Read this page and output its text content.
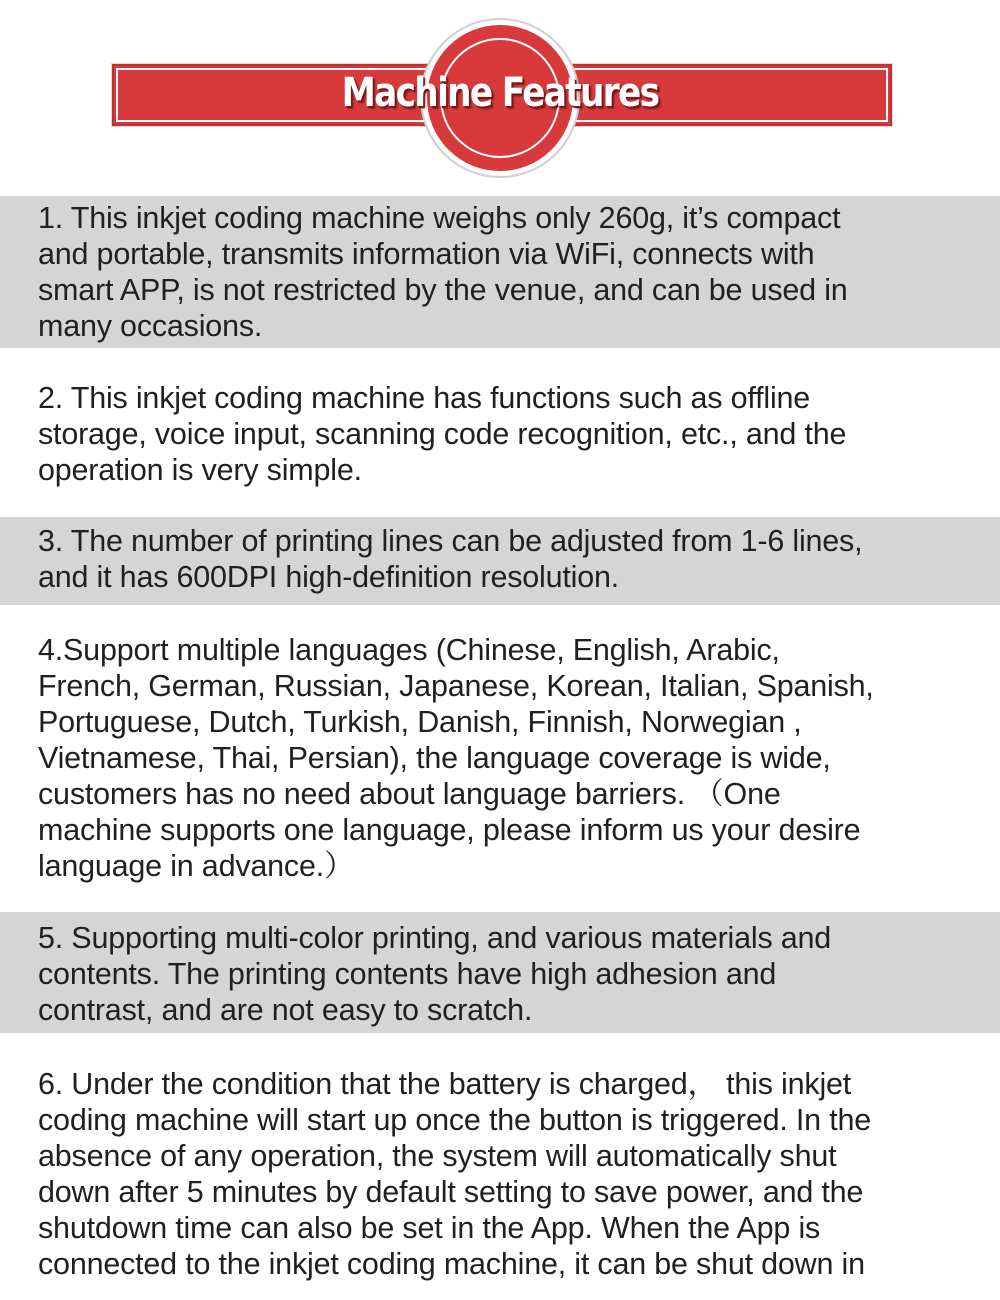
Machine Features
1. This inkjet coding machine weighs only 260g, it’s compact
and portable, transmits information via WiFi, connects with
smart APP, is not restricted by the venue, and can be used in
many occasions.
2. This inkjet coding machine has functions such as offline
storage, voice input, scanning code recognition, etc., and the
operation is very simple.
3. The number of printing lines can be adjusted from 1-6 lines,
and it has 600DPI high-definition resolution.
4.Support multiple languages (Chinese, English, Arabic,
French, German, Russian, Japanese, Korean, Italian, Spanish,
Portuguese, Dutch, Turkish, Danish, Finnish, Norwegian ,
Vietnamese, Thai, Persian), the language coverage is wide,
customers has no need about language barriers. （One
machine supports one language, please inform us your desire
language in advance.）
5. Supporting multi-color printing, and various materials and
contents. The printing contents have high adhesion and
contrast, and are not easy to scratch.
6. Under the condition that the battery is charged， this inkjet
coding machine will start up once the button is triggered. In the
absence of any operation, the system will automatically shut
down after 5 minutes by default setting to save power, and the
shutdown time can also be set in the App. When the App is
connected to the inkjet coding machine, it can be shut down in
